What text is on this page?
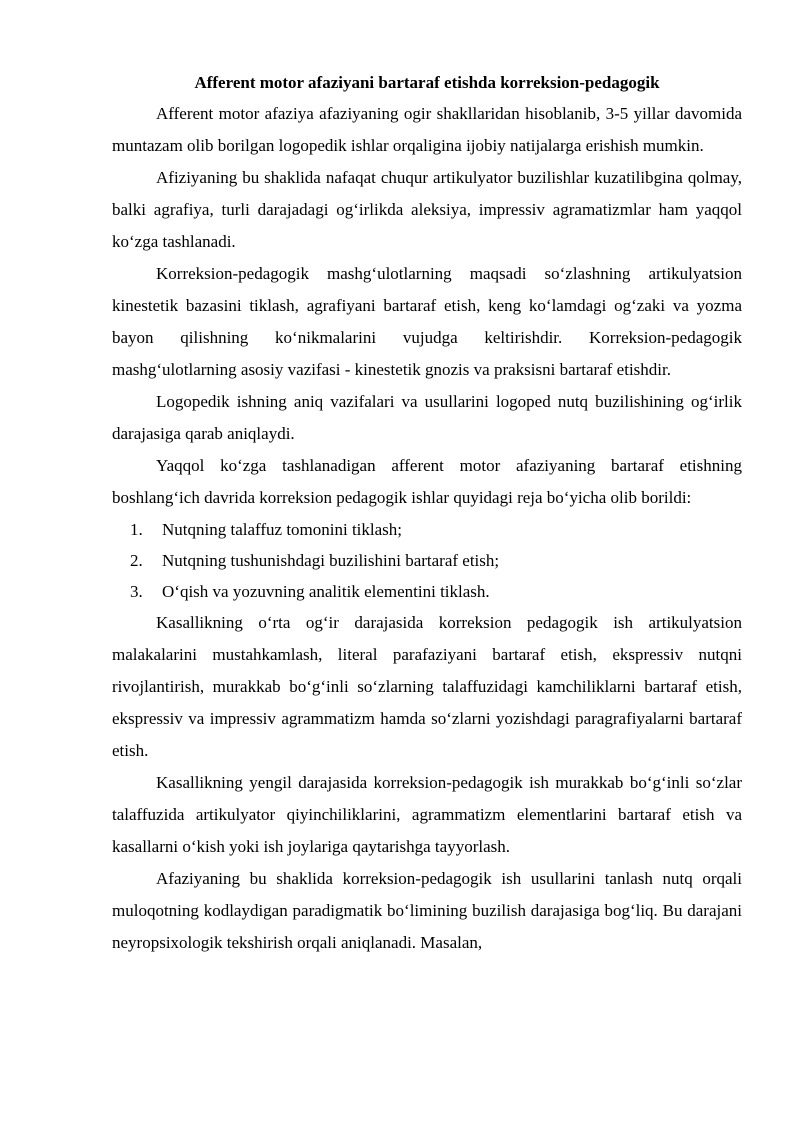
Afferent motor afaziyani bartaraf etishda korreksion-pedagogik

Afferent motor afaziya afaziyaning ogir shakllaridan hisoblanib, 3-5 yillar davomida muntazam olib borilgan logopedik ishlar orqaligina ijobiy natijalarga erishish mumkin.

Afiziyaning bu shaklida nafaqat chuqur artikulyator buzilishlar kuzatilibgina qolmay, balki agrafiya, turli darajadagi og‘irlikda aleksiya, impressiv agramatizmlar ham yaqqol ko‘zga tashlanadi.

Korreksion-pedagogik mashg‘ulotlarning maqsadi so‘zlashning artikulyatsion kinestetik bazasini tiklash, agrafiyani bartaraf etish, keng ko‘lamdagi og‘zaki va yozma bayon qilishning ko‘nikmalarini vujudga keltirishdir. Korreksion-pedagogik mashg‘ulotlarning asosiy vazifasi - kinestetik gnozis va praksisni bartaraf etishdir.

Logopedik ishning aniq vazifalari va usullarini logoped nutq buzilishining og‘irlik darajasiga qarab aniqlaydi.

Yaqqol ko‘zga tashlanadigan afferent motor afaziyaning bartaraf etishning boshlang‘ich davrida korreksion pedagogik ishlar quyidagi reja bo‘yicha olib borildi:

1. Nutqning talaffuz tomonini tiklash;
2. Nutqning tushunishdagi buzilishini bartaraf etish;
3. O‘qish va yozuvning analitik elementini tiklash.

Kasallikning o‘rta og‘ir darajasida korreksion pedagogik ish artikulyatsion malakalarini mustahkamlash, literal parafaziyani bartaraf etish, ekspressiv nutqni rivojlantirish, murakkab bo‘g‘inli so‘zlarning talaffuzidagi kamchiliklarni bartaraf etish, ekspressiv va impressiv agrammatizm hamda so‘zlarni yozishdagi paragrafiyalarni bartaraf etish.

Kasallikning yengil darajasida korreksion-pedagogik ish murakkab bo‘g‘inli so‘zlar talaffuzida artikulyator qiyinchiliklarini, agrammatizm elementlarini bartaraf etish va kasallarni o‘kish yoki ish joylariga qaytarishga tayyorlash.

Afaziyaning bu shaklida korreksion-pedagogik ish usullarini tanlash nutq orqali muloqotning kodlaydigan paradigmatik bo‘limining buzilish darajasiga bog‘liq. Bu darajani neyropsixologik tekshirish orqali aniqlanadi. Masalan,
